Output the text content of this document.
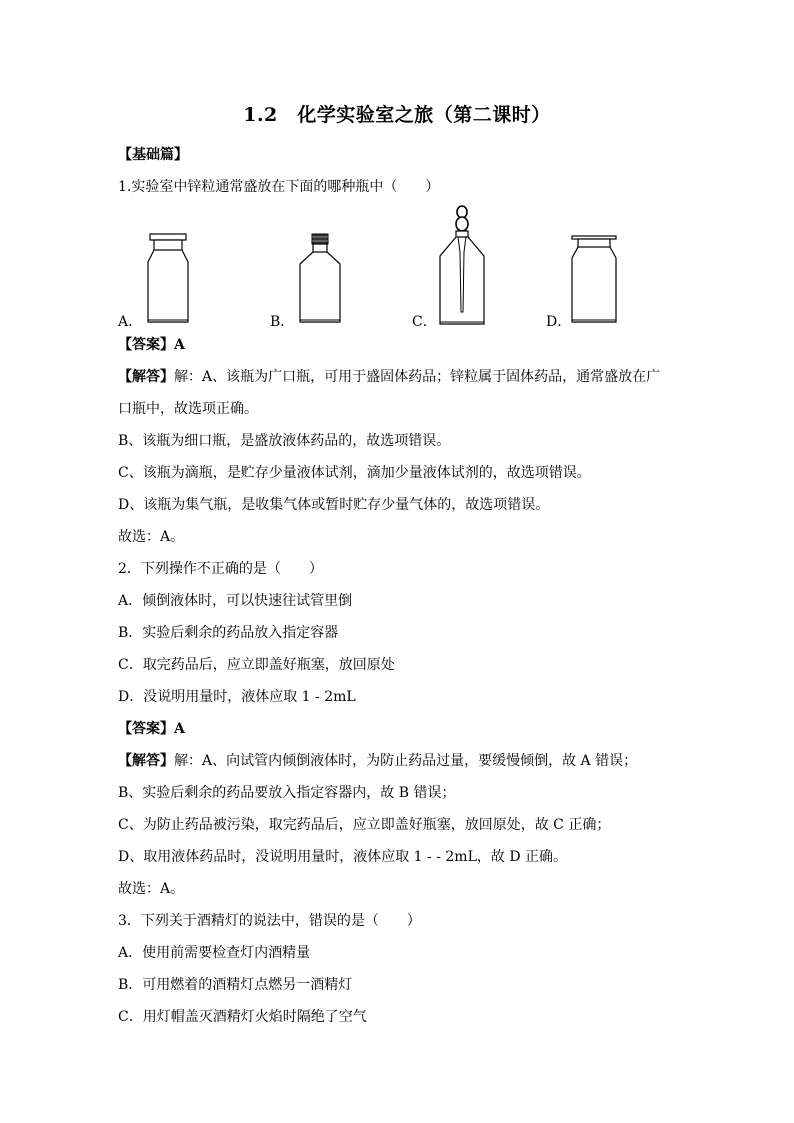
1.2　化学实验室之旅（第二课时）
【基础篇】
1.实验室中锌粒通常盛放在下面的哪种瓶中（　　）
A．	B．	C．	D．
【答案】A
【解答】解：A、该瓶为广口瓶，可用于盛固体药品；锌粒属于固体药品，通常盛放在广
口瓶中，故选项正确。
B、该瓶为细口瓶，是盛放液体药品的，故选项错误。
C、该瓶为滴瓶，是贮存少量液体试剂，滴加少量液体试剂的，故选项错误。
D、该瓶为集气瓶，是收集气体或暂时贮存少量气体的，故选项错误。
故选：A。
2．下列操作不正确的是（　　）
A．倾倒液体时，可以快速往试管里倒
B．实验后剩余的药品放入指定容器
C．取完药品后，应立即盖好瓶塞，放回原处
D．没说明用量时，液体应取 1 - 2mL
【答案】A
【解答】解：A、向试管内倾倒液体时，为防止药品过量，要缓慢倾倒，故 A 错误；
B、实验后剩余的药品要放入指定容器内，故 B 错误；
C、为防止药品被污染，取完药品后，应立即盖好瓶塞，放回原处，故 C 正确；
D、取用液体药品时，没说明用量时，液体应取 1 - - 2mL，故 D 正确。
故选：A。
3．下列关于酒精灯的说法中，错误的是（　　）
A．使用前需要检查灯内酒精量
B．可用燃着的酒精灯点燃另一酒精灯
C．用灯帽盖灭酒精灯火焰时隔绝了空气
